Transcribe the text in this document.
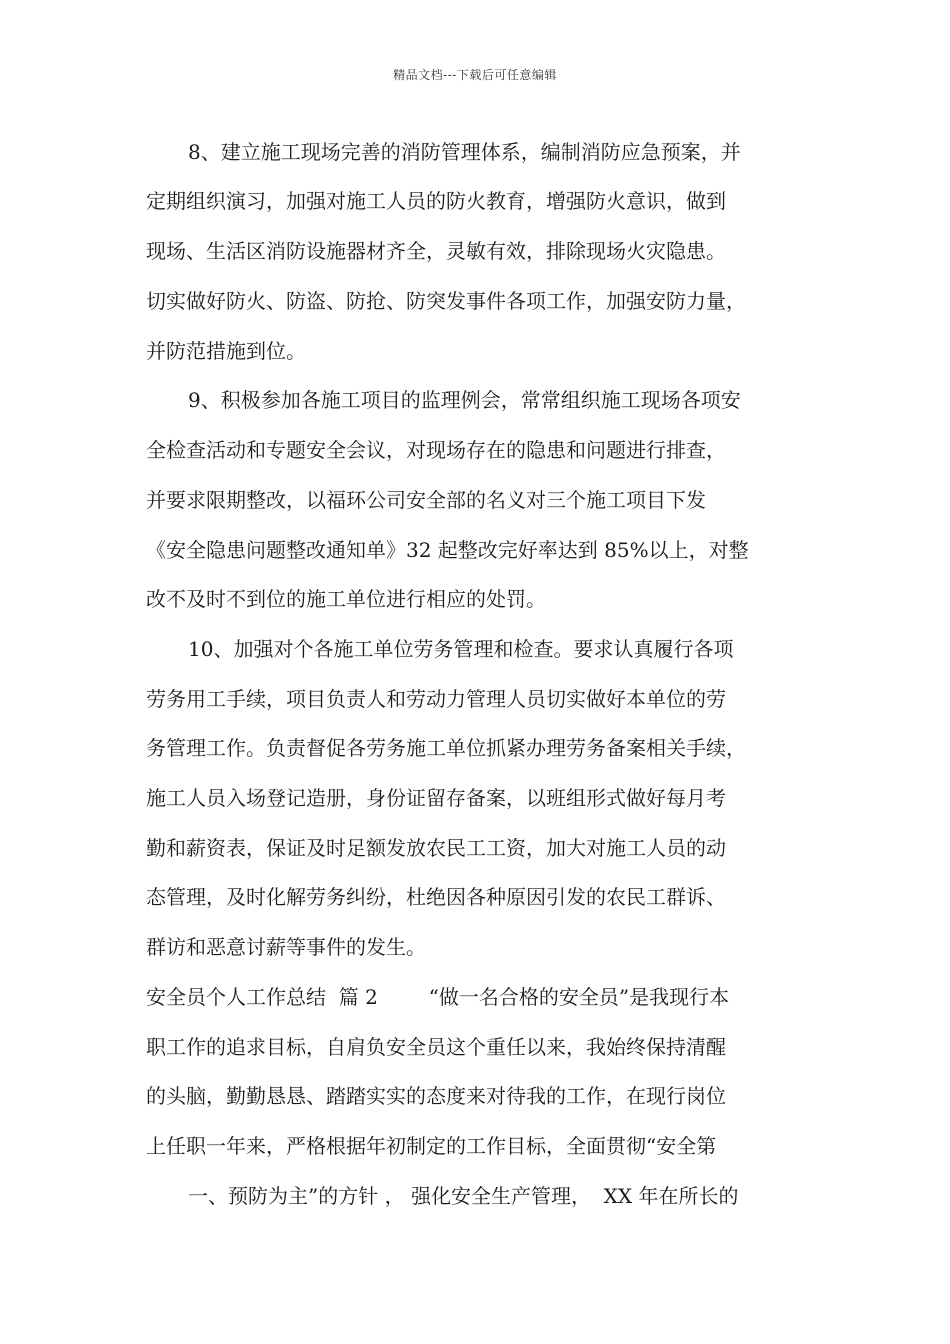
精品文档---下载后可任意编辑
8、建立施工现场完善的消防管理体系，编制消防应急预案，并
定期组织演习，加强对施工人员的防火教育，增强防火意识，做到
现场、生活区消防设施器材齐全，灵敏有效，排除现场火灾隐患。
切实做好防火、防盗、防抢、防突发事件各项工作，加强安防力量，
并防范措施到位。
9、积极参加各施工项目的监理例会，常常组织施工现场各项安
全检查活动和专题安全会议，对现场存在的隐患和问题进行排查，
并要求限期整改，以福环公司安全部的名义对三个施工项目下发
《安全隐患问题整改通知单》32 起整改完好率达到 85%以上，对整
改不及时不到位的施工单位进行相应的处罚。
10、加强对个各施工单位劳务管理和检查。要求认真履行各项
劳务用工手续，项目负责人和劳动力管理人员切实做好本单位的劳
务管理工作。负责督促各劳务施工单位抓紧办理劳务备案相关手续，
施工人员入场登记造册，身份证留存备案，以班组形式做好每月考
勤和薪资表，保证及时足额发放农民工工资，加大对施工人员的动
态管理，及时化解劳务纠纷，杜绝因各种原因引发的农民工群诉、
群访和恶意讨薪等事件的发生。
安全员个人工作总结  篇 2        “做一名合格的安全员”是我现行本
职工作的追求目标，自肩负安全员这个重任以来，我始终保持清醒
的头脑，勤勤恳恳、踏踏实实的态度来对待我的工作，在现行岗位
上任职一年来，严格根据年初制定的工作目标，全面贯彻“安全第
一、预防为主”的方针 ， 强化安全生产管理，  XX 年在所长的
